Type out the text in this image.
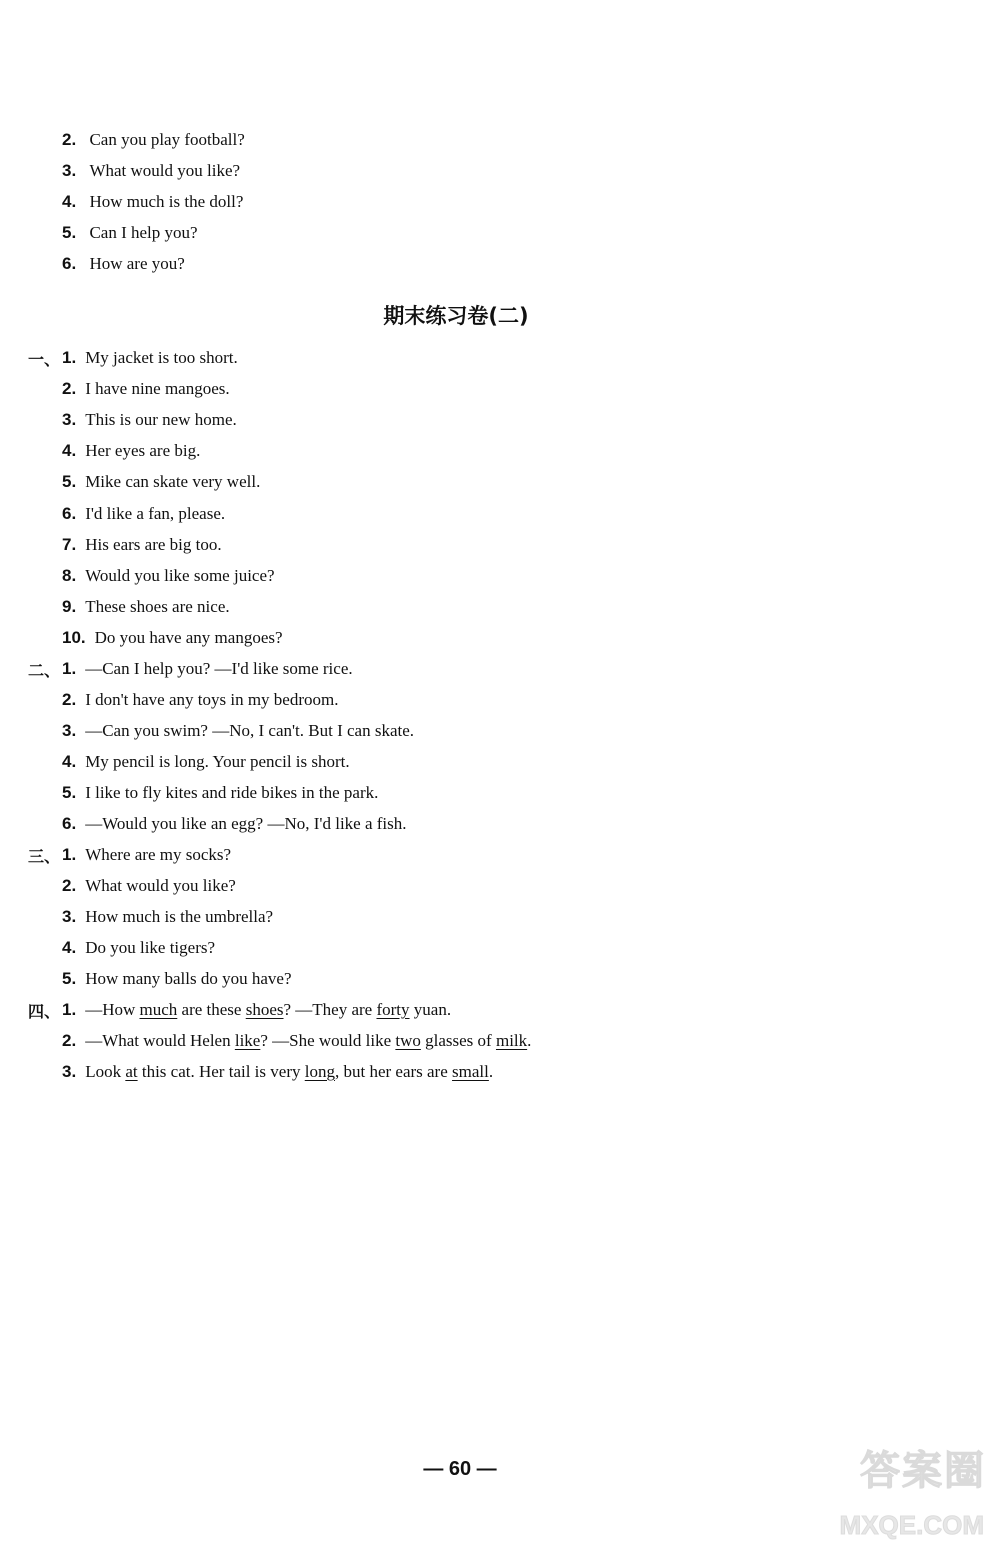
2. Can you play football?
3. What would you like?
4. How much is the doll?
5. Can I help you?
6. How are you?
期末练习卷(二)
一、 1. My jacket is too short.
2. I have nine mangoes.
3. This is our new home.
4. Her eyes are big.
5. Mike can skate very well.
6. I'd like a fan, please.
7. His ears are big too.
8. Would you like some juice?
9. These shoes are nice.
10. Do you have any mangoes?
二、 1. —Can I help you? —I'd like some rice.
2. I don't have any toys in my bedroom.
3. —Can you swim? —No, I can't. But I can skate.
4. My pencil is long. Your pencil is short.
5. I like to fly kites and ride bikes in the park.
6. —Would you like an egg? —No, I'd like a fish.
三、 1. Where are my socks?
2. What would you like?
3. How much is the umbrella?
4. Do you like tigers?
5. How many balls do you have?
四、 1. —How much are these shoes? —They are forty yuan.
2. —What would Helen like? —She would like two glasses of milk.
3. Look at this cat. Her tail is very long, but her ears are small.
— 60 —	答案圈
MXQE.COM
